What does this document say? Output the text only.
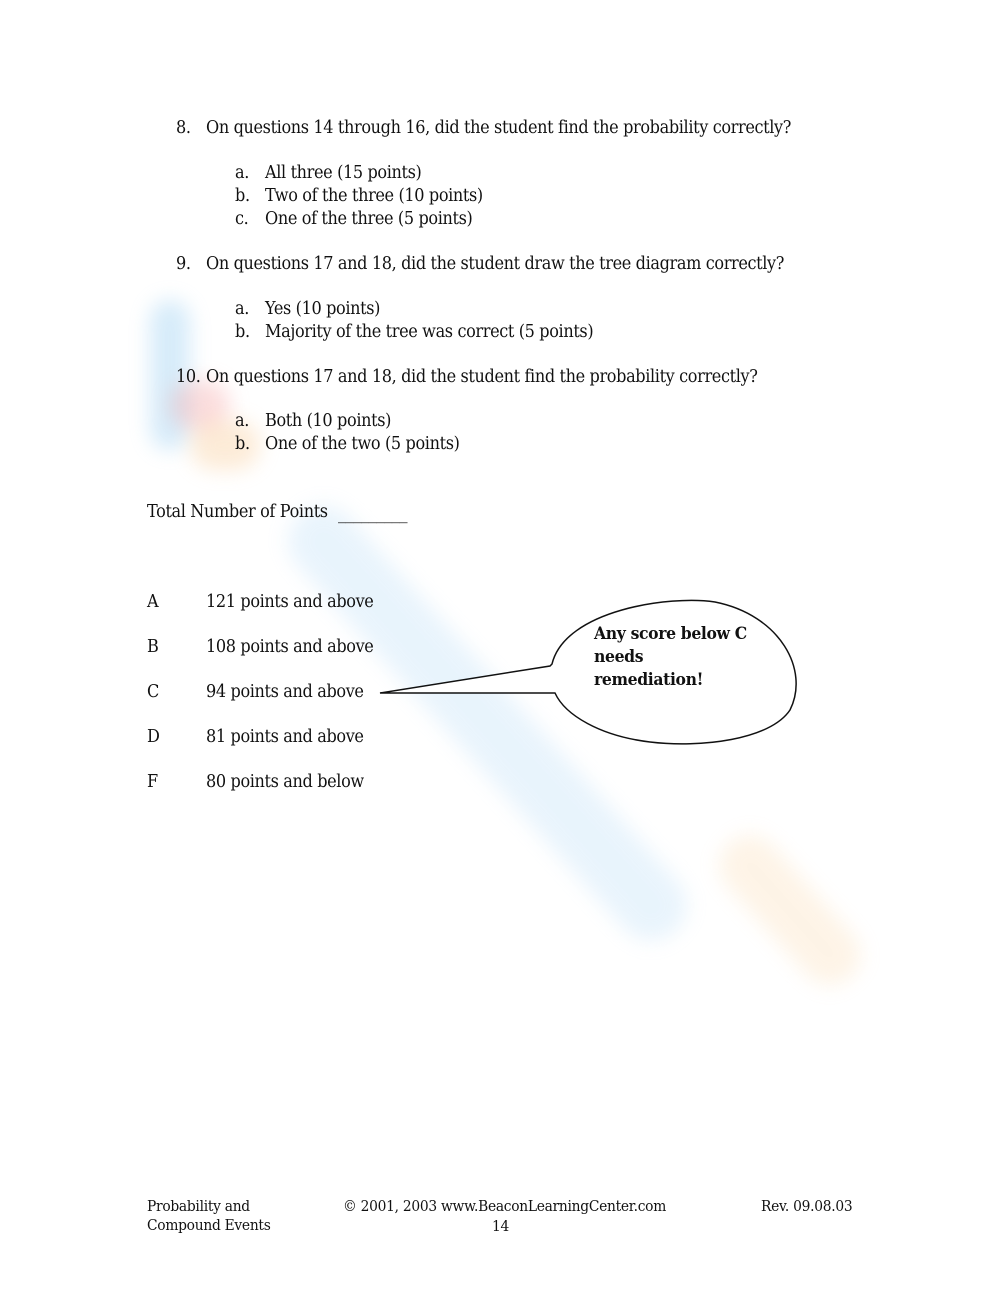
8. On questions 14 through 16, did the student find the probability correctly?
a. All three (15 points)
b. Two of the three (10 points)
c. One of the three (5 points)
9. On questions 17 and 18, did the student draw the tree diagram correctly?
a. Yes (10 points)
b. Majority of the tree was correct (5 points)
10. On questions 17 and 18, did the student find the probability correctly?
a. Both (10 points)
b. One of the two (5 points)
Total Number of Points _________
A	121 points and above
B	108 points and above
C	94 points and above
D	81 points and above
F	80 points and below
Any score below C
needs
remediation!
Probability and
Compound Events
© 2001, 2003 www.BeaconLearningCenter.com
14
Rev. 09.08.03
